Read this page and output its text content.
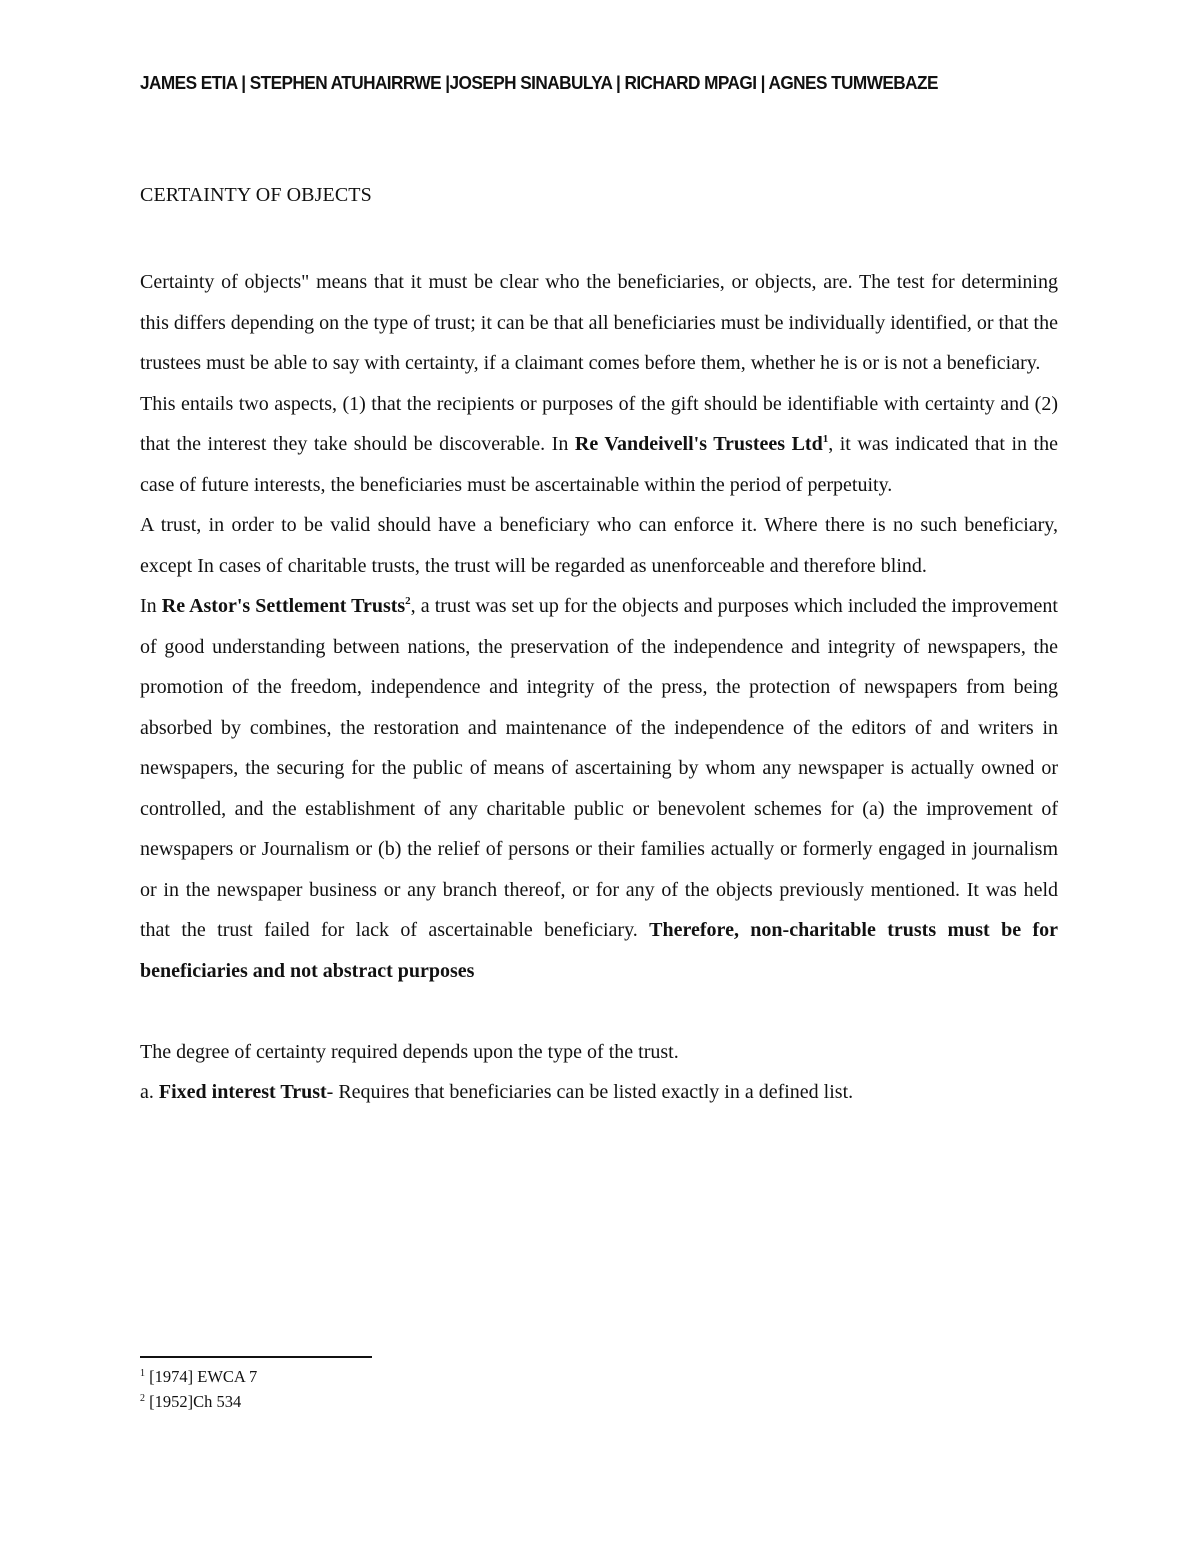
JAMES ETIA | STEPHEN ATUHAIRRWE |JOSEPH SINABULYA | RICHARD MPAGI | AGNES TUMWEBAZE
CERTAINTY OF OBJECTS

Certainty of objects" means that it must be clear who the beneficiaries, or objects, are. The test for determining this differs depending on the type of trust; it can be that all beneficiaries must be individually identified, or that the trustees must be able to say with certainty, if a claimant comes before them, whether he is or is not a beneficiary.

This entails two aspects, (1) that the recipients or purposes of the gift should be identifiable with certainty and (2) that the interest they take should be discoverable. In Re Vandeivell's Trustees Ltd$^1$, it was indicated that in the case of future interests, the beneficiaries must be ascertainable within the period of perpetuity.

A trust, in order to be valid should have a beneficiary who can enforce it. Where there is no such beneficiary, except In cases of charitable trusts, the trust will be regarded as unenforceable and therefore blind.

In Re Astor's Settlement Trusts$^2$, a trust was set up for the objects and purposes which included the improvement of good understanding between nations, the preservation of the independence and integrity of newspapers, the promotion of the freedom, independence and integrity of the press, the protection of newspapers from being absorbed by combines, the restoration and maintenance of the independence of the editors of and writers in newspapers, the securing for the public of means of ascertaining by whom any newspaper is actually owned or controlled, and the establishment of any charitable public or benevolent schemes for (a) the improvement of newspapers or Journalism or (b) the relief of persons or their families actually or formerly engaged in journalism or in the newspaper business or any branch thereof, or for any of the objects previously mentioned. It was held that the trust failed for lack of ascertainable beneficiary. Therefore, non-charitable trusts must be for beneficiaries and not abstract purposes

The degree of certainty required depends upon the type of the trust.

a. Fixed interest Trust- Requires that beneficiaries can be listed exactly in a defined list.

$^1$ [1974] EWCA 7
$^2$ [1952]Ch 534
